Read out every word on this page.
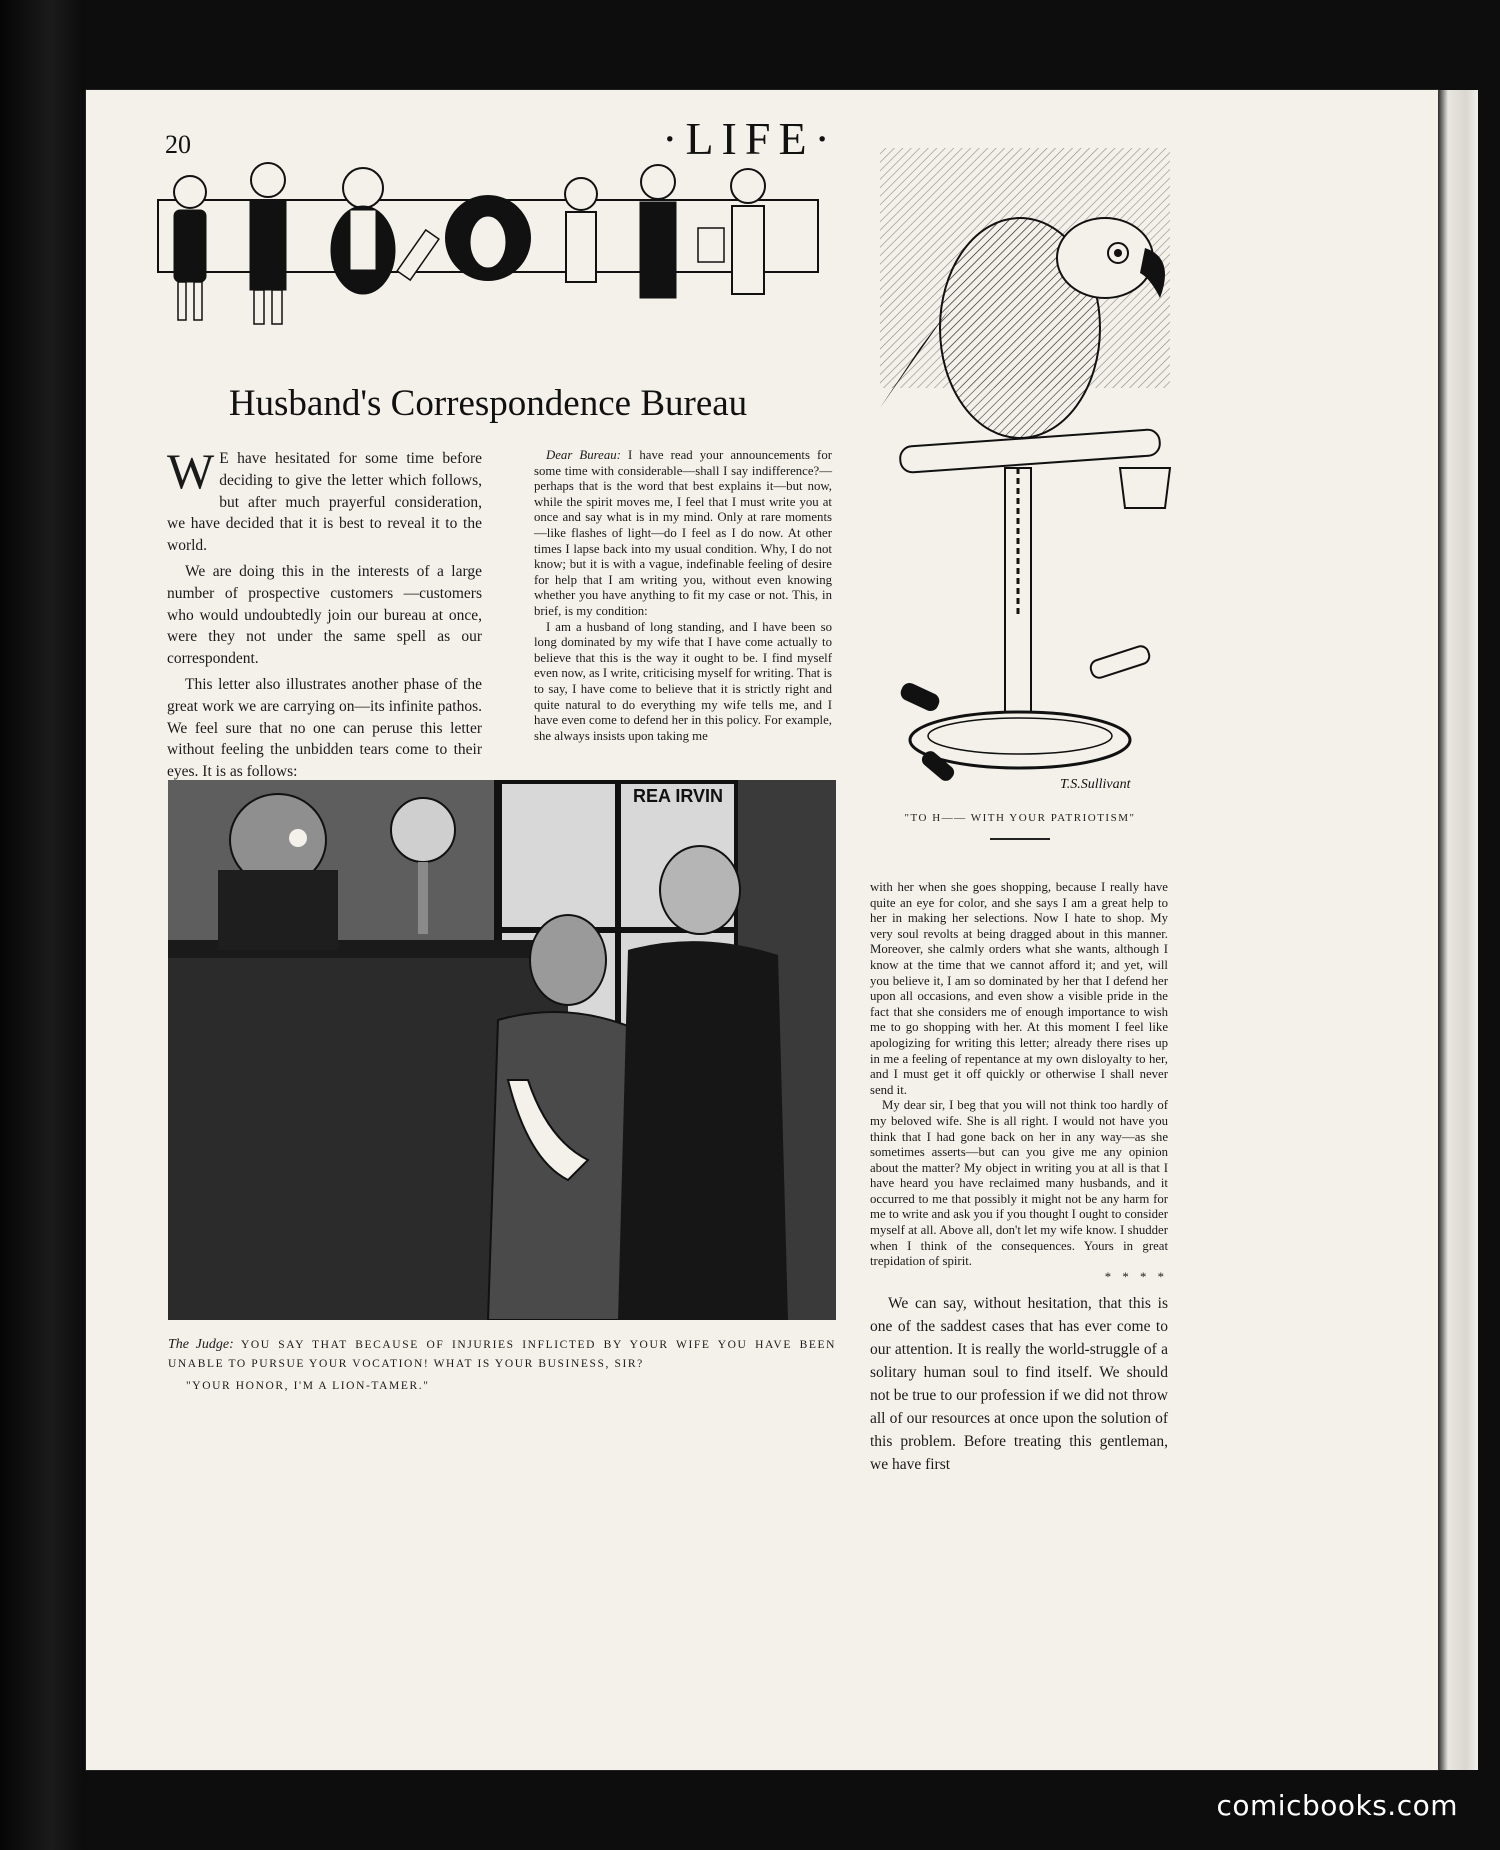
20	·LIFE·
Husband's Correspondence Bureau

W E have hesitated for some time before deciding to give the letter which follows, but after much prayerful consideration, we have decided that it is best to reveal it to the world.

We are doing this in the interests of a large number of prospective customers —customers who would undoubtedly join our bureau at once, were they not under the same spell as our correspondent.

This letter also illustrates another phase of the great work we are carrying on—its infinite pathos. We feel sure that no one can peruse this letter without feeling the unbidden tears come to their eyes. It is as follows:

Dear Bureau: I have read your announcements for some time with considerable—shall I say indifference?—perhaps that is the word that best explains it—but now, while the spirit moves me, I feel that I must write you at once and say what is in my mind. Only at rare moments—like flashes of light—do I feel as I do now. At other times I lapse back into my usual condition. Why, I do not know; but it is with a vague, indefinable feeling of desire for help that I am writing you, without even knowing whether you have anything to fit my case or not. This, in brief, is my condition:

I am a husband of long standing, and I have been so long dominated by my wife that I have come actually to believe that this is the way it ought to be. I find myself even now, as I write, criticising myself for writing. That is to say, I have come to believe that it is strictly right and quite natural to do everything my wife tells me, and I have even come to defend her in this policy. For example, she always insists upon taking me

T.S.Sullivant
"TO H—— WITH YOUR PATRIOTISM"

with her when she goes shopping, because I really have quite an eye for color, and she says I am a great help to her in making her selections. Now I hate to shop. My very soul revolts at being dragged about in this manner. Moreover, she calmly orders what she wants, although I know at the time that we cannot afford it; and yet, will you believe it, I am so dominated by her that I defend her upon all occasions, and even show a visible pride in the fact that she considers me of enough importance to wish me to go shopping with her. At this moment I feel like apologizing for writing this letter; already there rises up in me a feeling of repentance at my own disloyalty to her, and I must get it off quickly or otherwise I shall never send it.

My dear sir, I beg that you will not think too hardly of my beloved wife. She is all right. I would not have you think that I had gone back on her in any way—as she sometimes asserts—but can you give me any opinion about the matter? My object in writing you at all is that I have heard you have reclaimed many husbands, and it occurred to me that possibly it might not be any harm for me to write and ask you if you thought I ought to consider myself at all. Above all, don't let my wife know. I shudder when I think of the consequences. Yours in great trepidation of spirit.

* * * *

We can say, without hesitation, that this is one of the saddest cases that has ever come to our attention. It is really the world-struggle of a solitary human soul to find itself. We should not be true to our profession if we did not throw all of our resources at once upon the solution of this problem. Before treating this gentleman, we have first

REA IRVIN
The Judge: YOU SAY THAT BECAUSE OF INJURIES INFLICTED BY YOUR WIFE YOU HAVE BEEN UNABLE TO PURSUE YOUR VOCATION! WHAT IS YOUR BUSINESS, SIR?
"YOUR HONOR, I'M A LION-TAMER."
comicbooks.com
